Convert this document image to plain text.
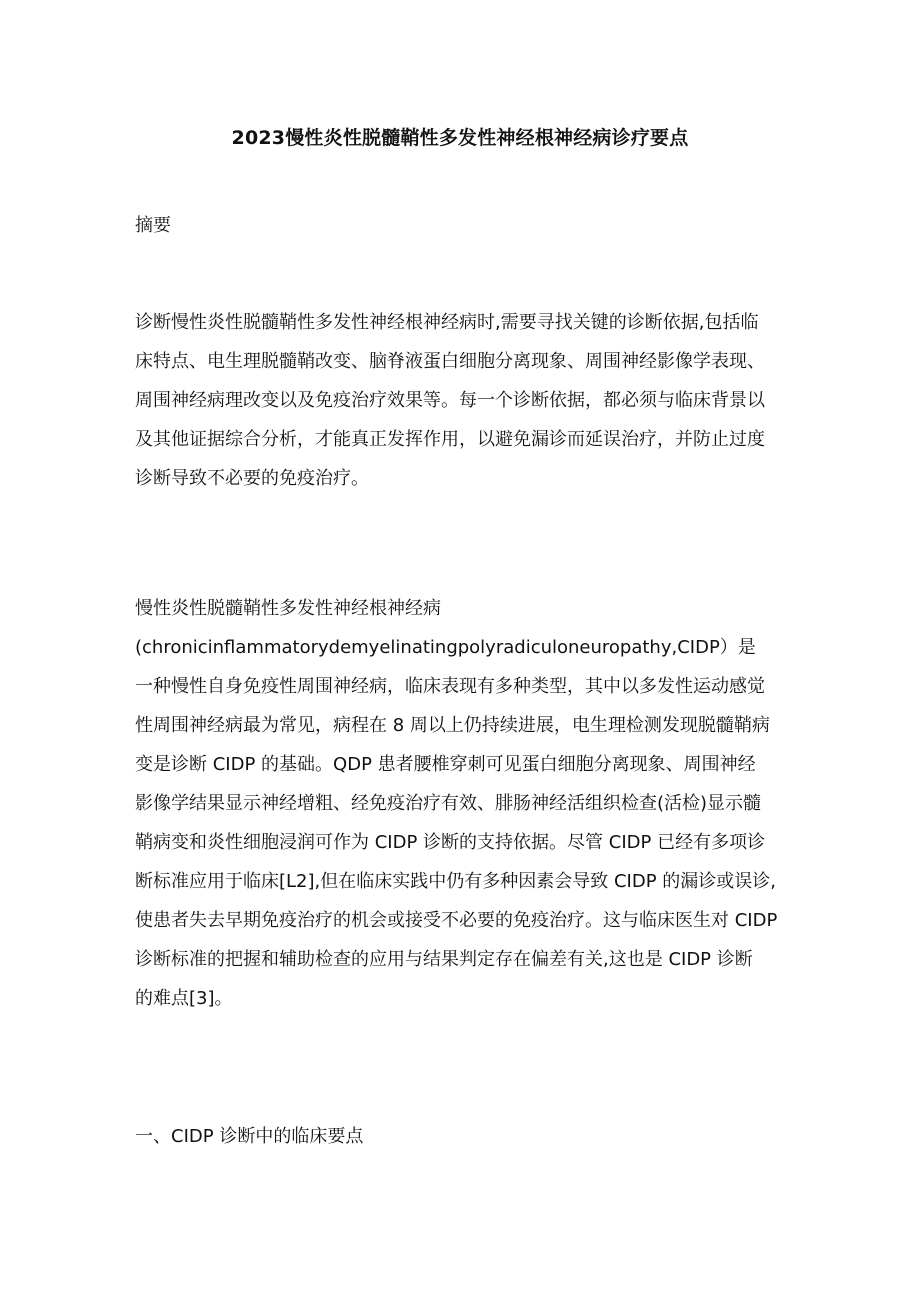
2023慢性炎性脱髓鞘性多发性神经根神经病诊疗要点
摘要
诊断慢性炎性脱髓鞘性多发性神经根神经病时,需要寻找关键的诊断依据,包括临
床特点、电生理脱髓鞘改变、脑脊液蛋白细胞分离现象、周围神经影像学表现、
周围神经病理改变以及免疫治疗效果等。每一个诊断依据，都必须与临床背景以
及其他证据综合分析，才能真正发挥作用，以避免漏诊而延误治疗，并防止过度
诊断导致不必要的免疫治疗。
慢性炎性脱髓鞘性多发性神经根神经病
(chronicinflammatorydemyelinatingpolyradiculoneuropathy,CIDP）是
一种慢性自身免疫性周围神经病，临床表现有多种类型，其中以多发性运动感觉
性周围神经病最为常见，病程在 8 周以上仍持续进展，电生理检测发现脱髓鞘病
变是诊断 CIDP 的基础。QDP 患者腰椎穿刺可见蛋白细胞分离现象、周围神经
影像学结果显示神经增粗、经免疫治疗有效、腓肠神经活组织检查(活检)显示髓
鞘病变和炎性细胞浸润可作为 CIDP 诊断的支持依据。尽管 CIDP 已经有多项诊
断标准应用于临床[L2],但在临床实践中仍有多种因素会导致 CIDP 的漏诊或误诊,
使患者失去早期免疫治疗的机会或接受不必要的免疫治疗。这与临床医生对 CIDP
诊断标准的把握和辅助检查的应用与结果判定存在偏差有关,这也是 CIDP 诊断
的难点[3]。
一、CIDP 诊断中的临床要点
